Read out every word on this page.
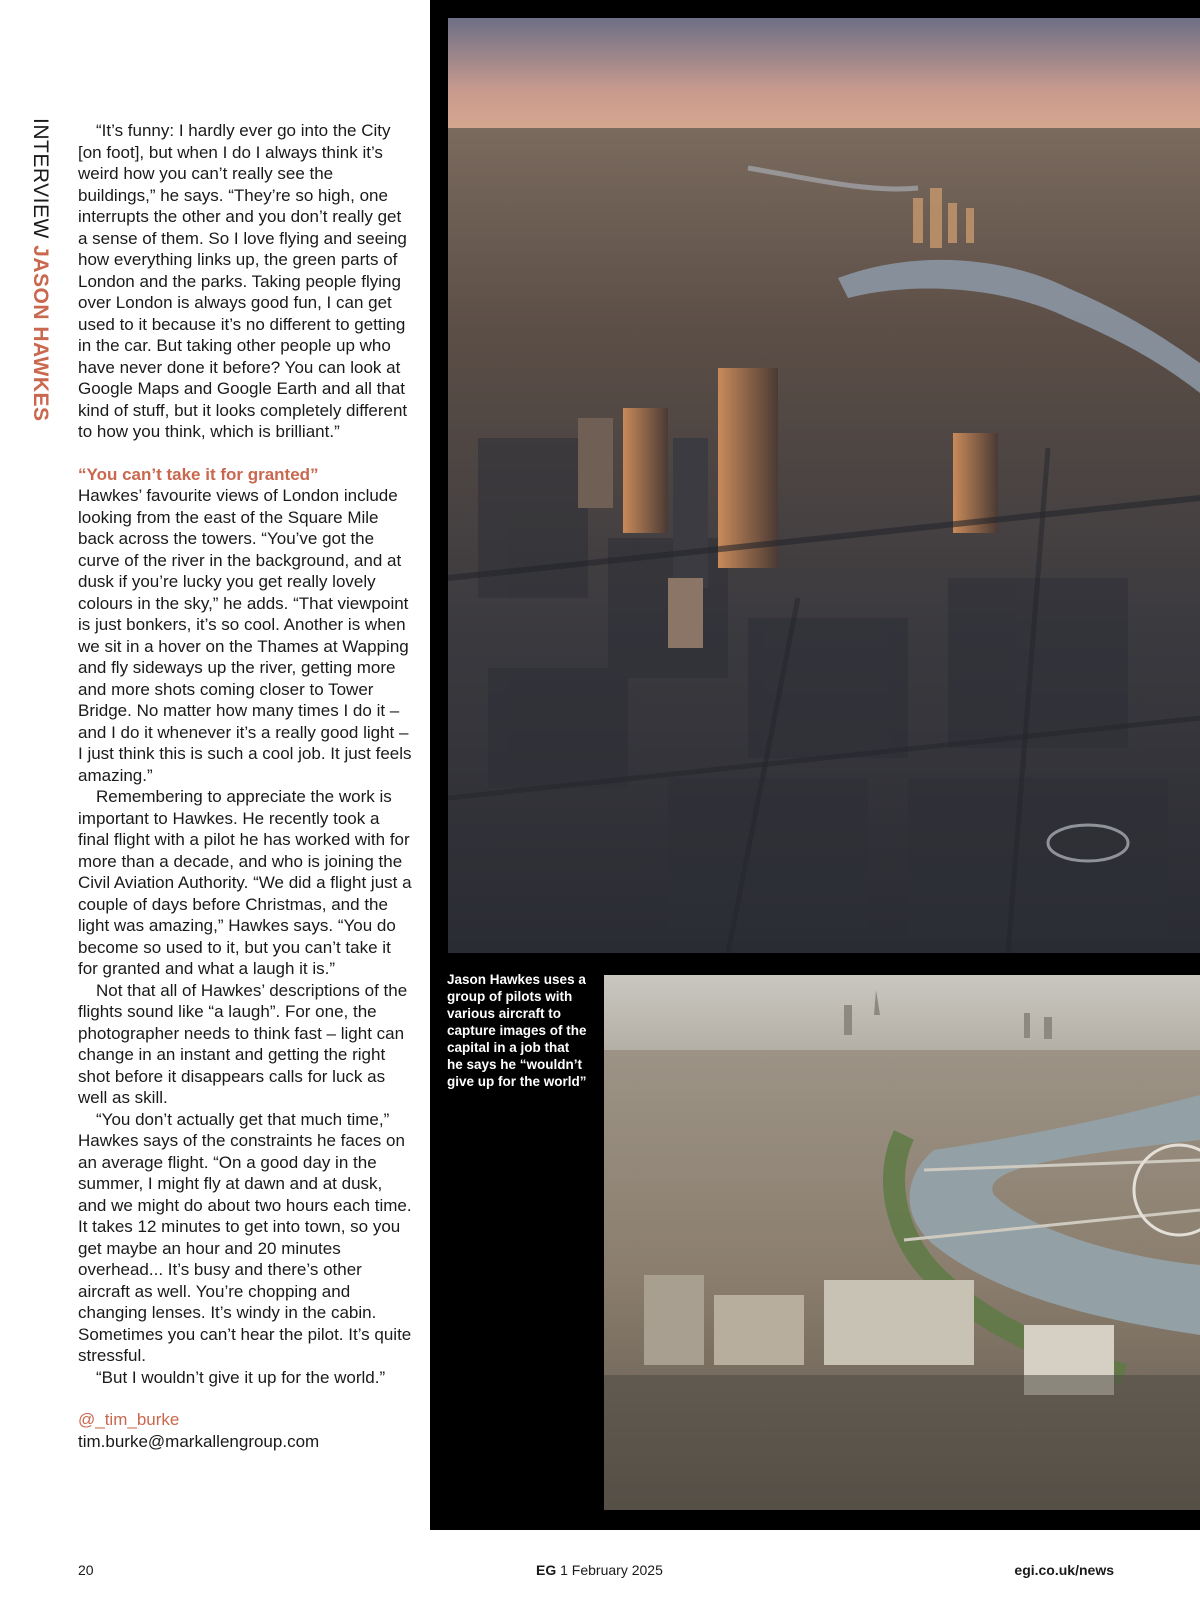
INTERVIEW JASON HAWKES

“It’s funny: I hardly ever go into the City [on foot], but when I do I always think it’s weird how you can’t really see the buildings,” he says. “They’re so high, one interrupts the other and you don’t really get a sense of them. So I love flying and seeing how everything links up, the green parts of London and the parks. Taking people flying over London is always good fun, I can get used to it because it’s no different to getting in the car. But taking other people up who have never done it before? You can look at Google Maps and Google Earth and all that kind of stuff, but it looks completely different to how you think, which is brilliant.”

“You can’t take it for granted”

Hawkes’ favourite views of London include looking from the east of the Square Mile back across the towers. “You’ve got the curve of the river in the background, and at dusk if you’re lucky you get really lovely colours in the sky,” he adds. “That viewpoint is just bonkers, it’s so cool. Another is when we sit in a hover on the Thames at Wapping and fly sideways up the river, getting more and more shots coming closer to Tower Bridge. No matter how many times I do it – and I do it whenever it’s a really good light – I just think this is such a cool job. It just feels amazing.”

Remembering to appreciate the work is important to Hawkes. He recently took a final flight with a pilot he has worked with for more than a decade, and who is joining the Civil Aviation Authority. “We did a flight just a couple of days before Christmas, and the light was amazing,” Hawkes says. “You do become so used to it, but you can’t take it for granted and what a laugh it is.”

Not that all of Hawkes’ descriptions of the flights sound like “a laugh”. For one, the photographer needs to think fast – light can change in an instant and getting the right shot before it disappears calls for luck as well as skill.

“You don’t actually get that much time,” Hawkes says of the constraints he faces on an average flight. “On a good day in the summer, I might fly at dawn and at dusk, and we might do about two hours each time. It takes 12 minutes to get into town, so you get maybe an hour and 20 minutes overhead... It’s busy and there’s other aircraft as well. You’re chopping and changing lenses. It’s windy in the cabin. Sometimes you can’t hear the pilot. It’s quite stressful.

“But I wouldn’t give it up for the world.”

@_tim_burke

tim.burke@markallengroup.com

Jason Hawkes uses a group of pilots with various aircraft to capture images of the capital in a job that he says he “wouldn’t give up for the world”
20	EG 1 February 2025	egi.co.uk/news
